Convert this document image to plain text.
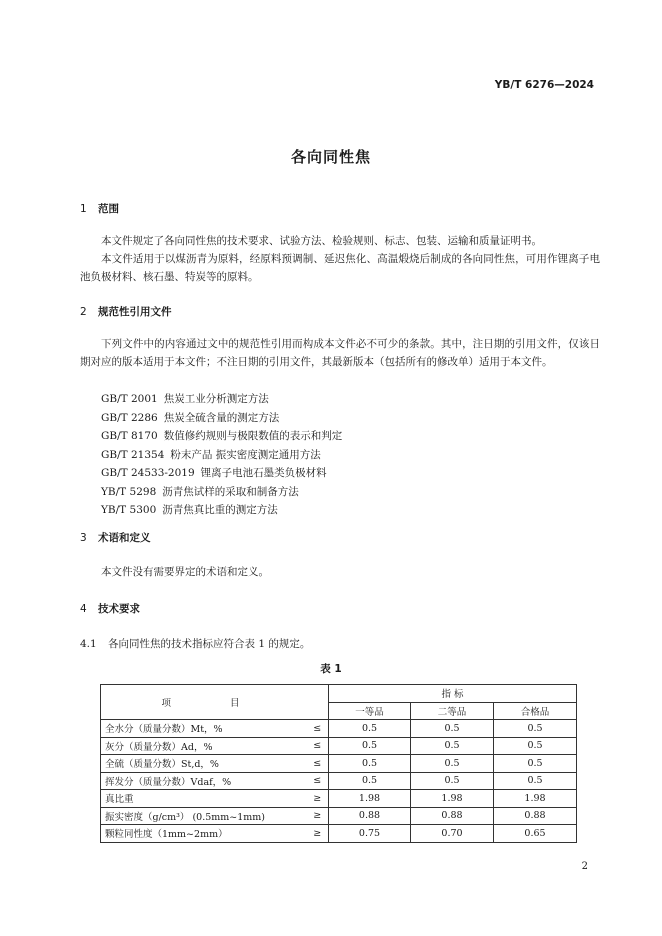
YB/T 6276—2024
各向同性焦
1 范围
本文件规定了各向同性焦的技术要求、试验方法、检验规则、标志、包装、运输和质量证明书。
本文件适用于以煤沥青为原料，经原料预调制、延迟焦化、高温煅烧后制成的各向同性焦，可用作锂离子电池负极材料、核石墨、特炭等的原料。
2 规范性引用文件
下列文件中的内容通过文中的规范性引用而构成本文件必不可少的条款。其中，注日期的引用文件，仅该日期对应的版本适用于本文件；不注日期的引用文件，其最新版本（包括所有的修改单）适用于本文件。
GB/T 2001 焦炭工业分析测定方法
GB/T 2286 焦炭全硫含量的测定方法
GB/T 8170 数值修约规则与极限数值的表示和判定
GB/T 21354 粉末产品 振实密度测定通用方法
GB/T 24533-2019 锂离子电池石墨类负极材料
YB/T 5298 沥青焦试样的采取和制备方法
YB/T 5300 沥青焦真比重的测定方法
3 术语和定义
本文件没有需要界定的术语和定义。
4 技术要求
4.1 各向同性焦的技术指标应符合表 1 的规定。
表 1
项 目		指 标		
		一等品	二等品	合格品
全水分（质量分数）Mt，%	≤	0.5	0.5	0.5
灰分（质量分数）Ad，%	≤	0.5	0.5	0.5
全硫（质量分数）St,d，%	≤	0.5	0.5	0.5
挥发分（质量分数）Vdaf，%	≤	0.5	0.5	0.5
真比重	≥	1.98	1.98	1.98
振实密度（g/cm³） (0.5mm~1mm)	≥	0.88	0.88	0.88
颗粒同性度（1mm~2mm）	≥	0.75	0.70	0.65
2
